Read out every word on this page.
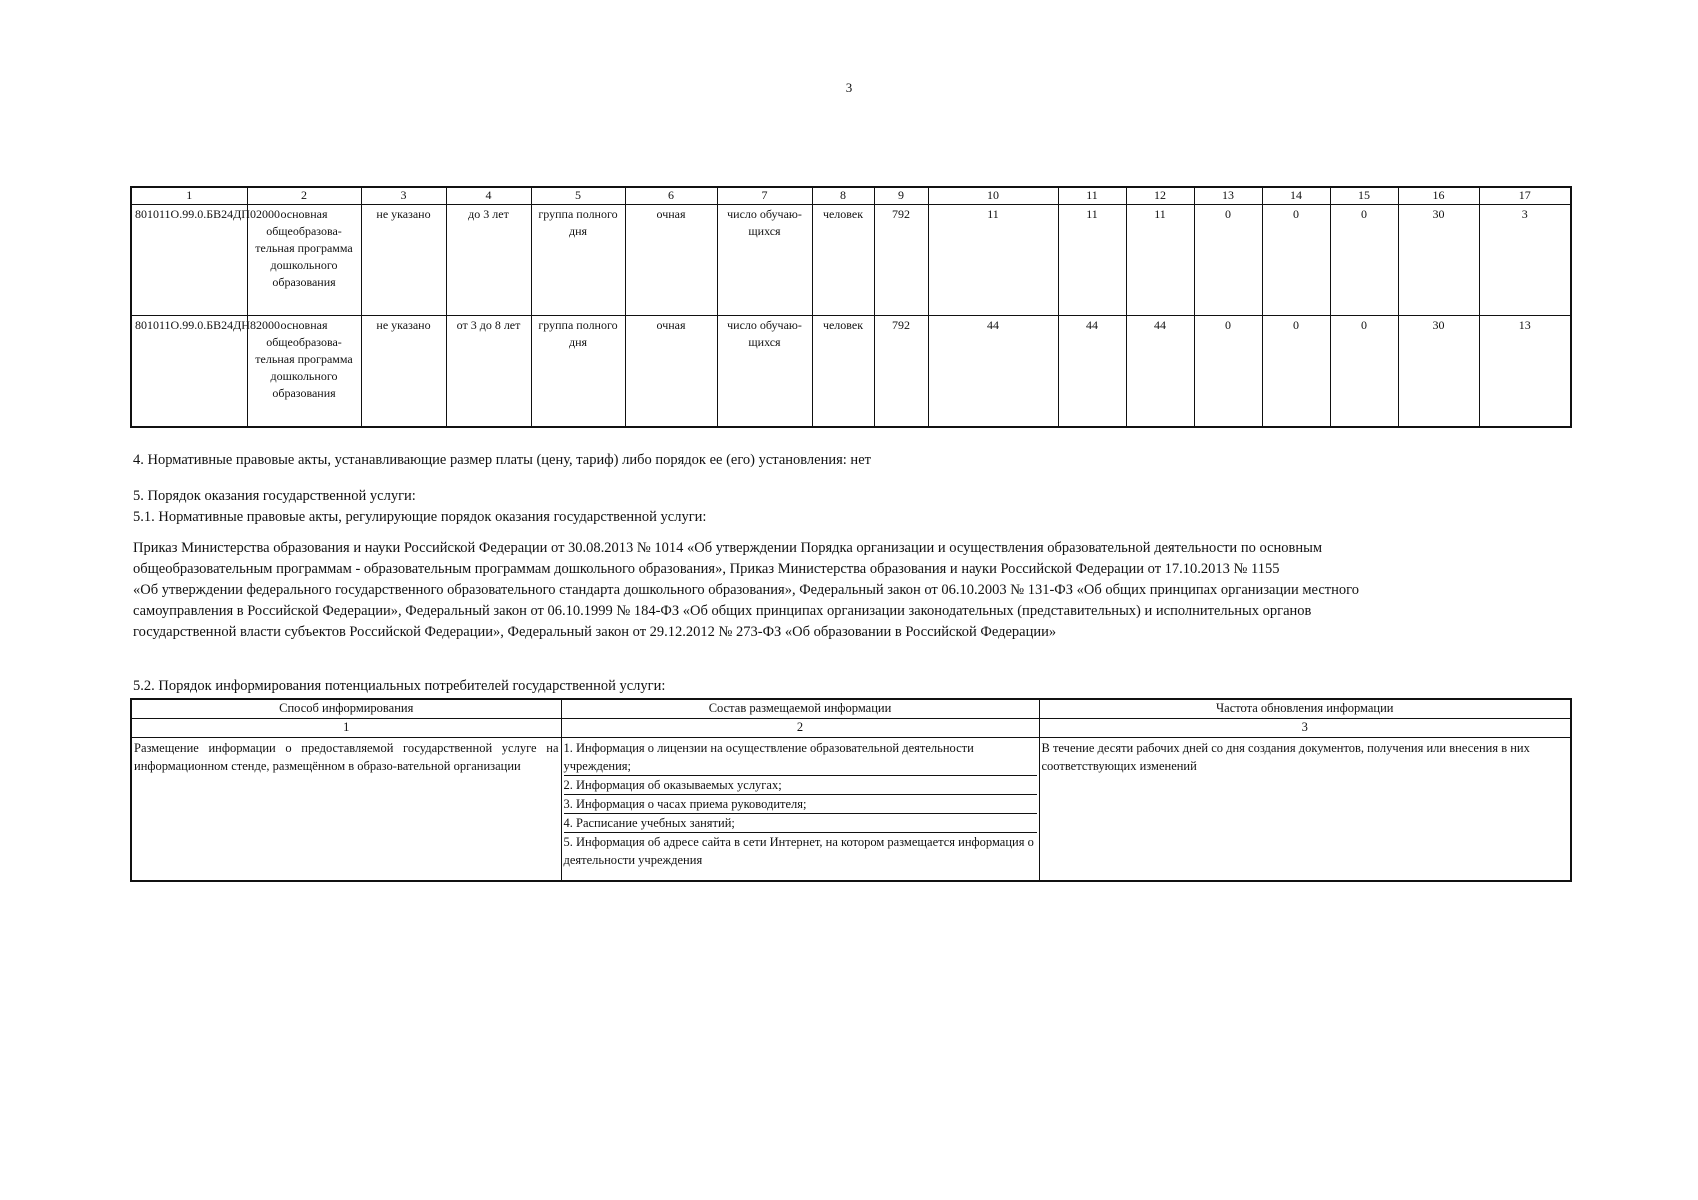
3
1	2	3	4	5	6	7	8	9	10	11	12	13	14	15	16	17
801011О.99.0.БВ24ДП02000	основная общеобразова-тельная программа дошкольного образования	не указано	до 3 лет	группа полного дня	очная	число обучаю-щихся	человек	792	11	11	11	0	0	0	30	3
801011О.99.0.БВ24ДН82000	основная общеобразова-тельная программа дошкольного образования	не указано	от 3 до 8 лет	группа полного дня	очная	число обучаю-щихся	человек	792	44	44	44	0	0	0	30	13
4. Нормативные правовые акты, устанавливающие размер платы (цену, тариф) либо порядок ее (его) установления: нет
5. Порядок оказания государственной услуги:
5.1. Нормативные правовые акты, регулирующие порядок оказания государственной услуги:
Приказ Министерства образования и науки Российской Федерации от 30.08.2013 № 1014 «Об утверждении Порядка организации и осуществления образовательной деятельности по основным
общеобразовательным программам - образовательным программам дошкольного образования», Приказ Министерства образования и науки Российской Федерации от 17.10.2013 № 1155
«Об утверждении федерального государственного образовательного стандарта дошкольного образования», Федеральный закон от 06.10.2003 № 131-ФЗ «Об общих принципах организации местного
самоуправления в Российской Федерации», Федеральный закон от 06.10.1999 № 184-ФЗ «Об общих принципах организации законодательных (представительных) и исполнительных органов
государственной власти субъектов Российской Федерации», Федеральный закон от 29.12.2012 № 273-ФЗ «Об образовании в Российской Федерации»
5.2. Порядок информирования потенциальных потребителей государственной услуги:
Способ информирования	Состав размещаемой информации	Частота обновления информации
1	2	3
Размещение информации о предоставляемой государственной услуге на информационном стенде, размещённом в образо-вательной организации	1. Информация о лицензии на осуществление образовательной деятельности учреждения;
2. Информация об оказываемых услугах;
3. Информация о часах приема руководителя;
4. Расписание учебных занятий;
5. Информация об адресе сайта в сети Интернет, на котором размещается информация о деятельности учреждения	В течение десяти рабочих дней со дня создания документов, получения или внесения в них соответствующих изменений
